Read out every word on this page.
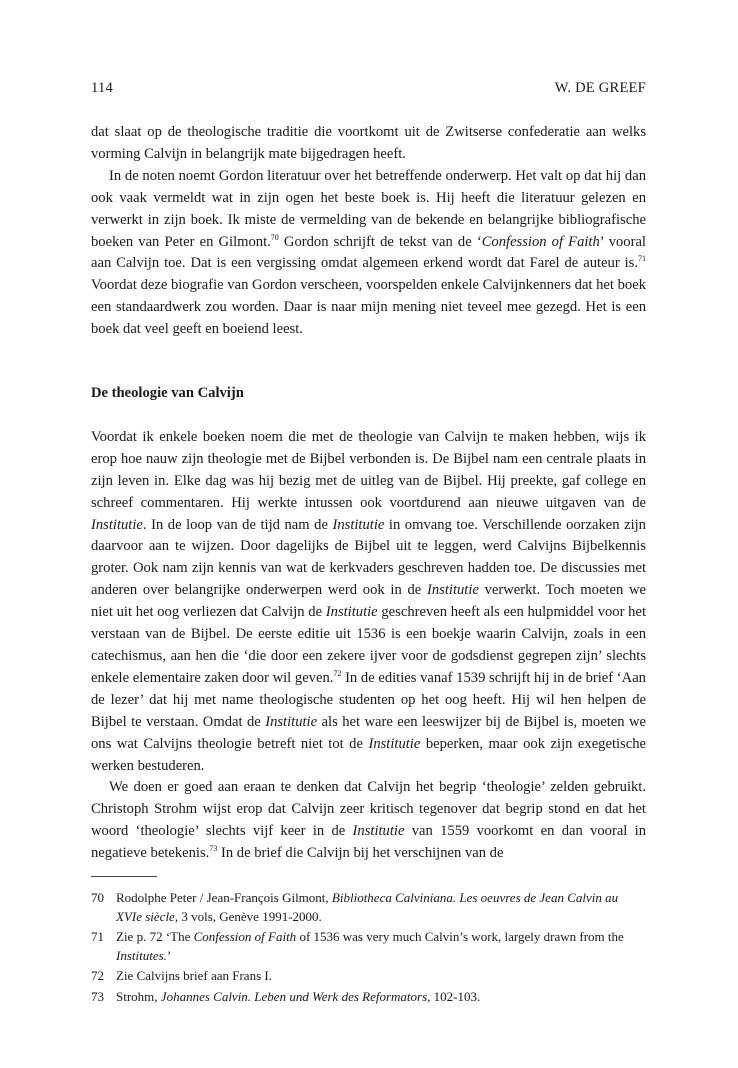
114	W. DE GREEF

dat slaat op de theologische traditie die voortkomt uit de Zwitserse confederatie aan welks vorming Calvijn in belangrijk mate bijgedragen heeft.

In de noten noemt Gordon literatuur over het betreffende onderwerp. Het valt op dat hij dan ook vaak vermeldt wat in zijn ogen het beste boek is. Hij heeft die literatuur gelezen en verwerkt in zijn boek. Ik miste de vermelding van de bekende en belangrijke bibliografische boeken van Peter en Gilmont.$^{70}$ Gordon schrijft de tekst van de ‘Confession of Faith’ vooral aan Calvijn toe. Dat is een vergissing omdat algemeen erkend wordt dat Farel de auteur is.$^{71}$ Voordat deze biografie van Gordon verscheen, voorspelden enkele Calvijnkenners dat het boek een standaardwerk zou worden. Daar is naar mijn mening niet teveel mee gezegd. Het is een boek dat veel geeft en boeiend leest.

De theologie van Calvijn

Voordat ik enkele boeken noem die met de theologie van Calvijn te maken hebben, wijs ik erop hoe nauw zijn theologie met de Bijbel verbonden is. De Bijbel nam een centrale plaats in zijn leven in. Elke dag was hij bezig met de uitleg van de Bijbel. Hij preekte, gaf college en schreef commentaren. Hij werkte intussen ook voortdurend aan nieuwe uitgaven van de Institutie. In de loop van de tijd nam de Institutie in omvang toe. Verschillende oorzaken zijn daarvoor aan te wijzen. Door dagelijks de Bijbel uit te leggen, werd Calvijns Bijbelkennis groter. Ook nam zijn kennis van wat de kerkvaders geschreven hadden toe. De discussies met anderen over belangrijke onderwerpen werd ook in de Institutie verwerkt. Toch moeten we niet uit het oog verliezen dat Calvijn de Institutie geschreven heeft als een hulpmiddel voor het verstaan van de Bijbel. De eerste editie uit 1536 is een boekje waarin Calvijn, zoals in een catechismus, aan hen die ‘die door een zekere ijver voor de godsdienst gegrepen zijn’ slechts enkele elementaire zaken door wil geven.$^{72}$ In de edities vanaf 1539 schrijft hij in de brief ‘Aan de lezer’ dat hij met name theologische studenten op het oog heeft. Hij wil hen helpen de Bijbel te verstaan. Omdat de Institutie als het ware een leeswijzer bij de Bijbel is, moeten we ons wat Calvijns theologie betreft niet tot de Institutie beperken, maar ook zijn exegetische werken bestuderen.

We doen er goed aan eraan te denken dat Calvijn het begrip ‘theologie’ zelden gebruikt. Christoph Strohm wijst erop dat Calvijn zeer kritisch tegenover dat begrip stond en dat het woord ‘theologie’ slechts vijf keer in de Institutie van 1559 voorkomt en dan vooral in negatieve betekenis.$^{73}$ In de brief die Calvijn bij het verschijnen van de

70 Rodolphe Peter / Jean-François Gilmont, Bibliotheca Calviniana. Les oeuvres de Jean Calvin au XVIe siècle, 3 vols, Genève 1991-2000.
71 Zie p. 72 ‘The Confession of Faith of 1536 was very much Calvin’s work, largely drawn from the Institutes.’
72 Zie Calvijns brief aan Frans I.
73 Strohm, Johannes Calvin. Leben und Werk des Reformators, 102-103.
